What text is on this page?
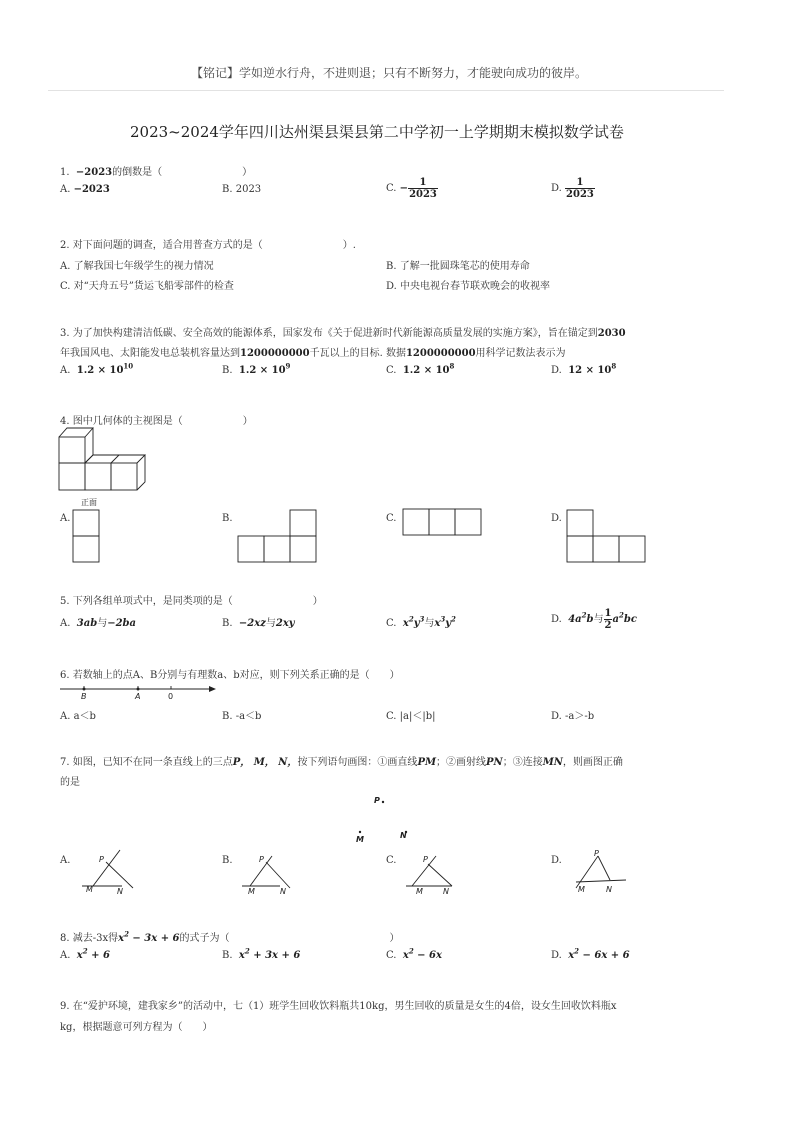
【铭记】学如逆水行舟，不进则退；只有不断努力，才能驶向成功的彼岸。
2023~2024学年四川达州渠县渠县第二中学初一上学期期末模拟数学试卷
1. −2023的倒数是（　　　　　　　　）
A. −2023	B. 2023	C. − $\frac{1}{2023}$	D. $\frac{1}{2023}$
2. 对下面问题的调查，适合用普查方式的是（　　　　　　　　）.
A. 了解我国七年级学生的视力情况	B. 了解一批圆珠笔芯的使用寿命
C. 对“天舟五号”货运飞船零部件的检查	D. 中央电视台春节联欢晚会的收视率
3. 为了加快构建清洁低碳、安全高效的能源体系，国家发布《关于促进新时代新能源高质量发展的实施方案》，旨在锚定到2030
年我国风电、太阳能发电总装机容量达到1200000000千瓦以上的目标. 数据1200000000用科学记数法表示为
A. $1.2 \times 10^{10}$	B. $1.2 \times 10^9$	C. $1.2 \times 10^8$	D. $12 \times 10^8$
4. 图中几何体的主视图是（　　　　　　）
正面
A.	B.	C.	D.
5. 下列各组单项式中，是同类项的是（　　　　　　　　）
A. 3ab与−2ba	B. −2xz与2xy	C. $x^2y^3$与$x^3y^2$	D. $4a^2b$与 $\frac{1}{2} a^2bc$
6. 若数轴上的点A、B分别与有理数a、b对应，则下列关系正确的是（　　）
B	A	0
A. a＜b	B. -a＜b	C. |a|＜|b|	D. -a＞-b
7. 如图，已知不在同一条直线上的三点P， M， N，按下列语句画图：①画直线PM；②画射线PN；③连接MN，则画图正确
的是
P
M	N
A.	P
M	N
B.	P
M	N
C.	P
M	N
D.
P
M	N
8. 减去-3x得$x^2 - 3x + 6$的式子为（　　　　　　　　　　　　　　　　）
A. $x^2 + 6$	B. $x^2 + 3x + 6$	C. $x^2 - 6x$	D. $x^2 - 6x + 6$
9. 在“爱护环境，建我家乡”的活动中，七（1）班学生回收饮料瓶共10kg，男生回收的质量是女生的4倍，设女生回收饮料瓶x
kg，根据题意可列方程为（　　）
